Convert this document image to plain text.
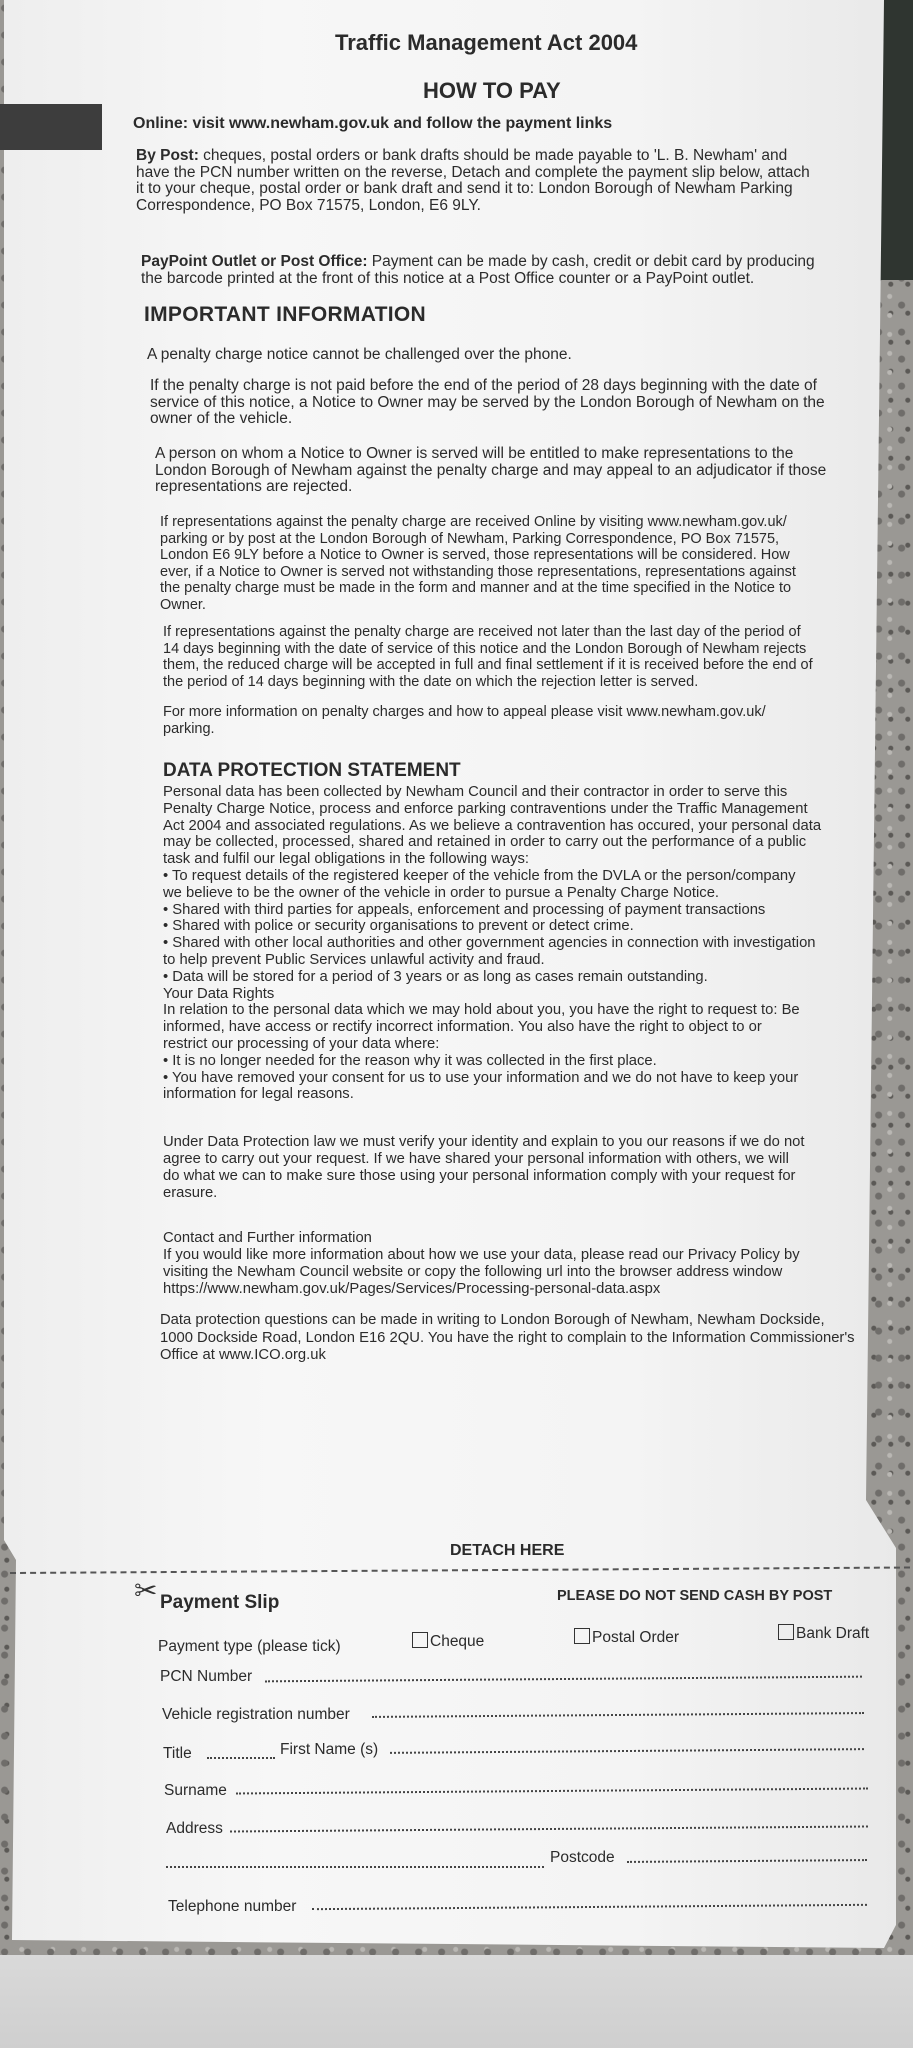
Traffic Management Act 2004
HOW TO PAY
Online: visit www.newham.gov.uk and follow the payment links
By Post: cheques, postal orders or bank drafts should be made payable to 'L. B. Newham' and
have the PCN number written on the reverse, Detach and complete the payment slip below, attach
it to your cheque, postal order or bank draft and send it to: London Borough of Newham Parking
Correspondence, PO Box 71575, London, E6 9LY.
PayPoint Outlet or Post Office: Payment can be made by cash, credit or debit card by producing
the barcode printed at the front of this notice at a Post Office counter or a PayPoint outlet.
IMPORTANT INFORMATION
A penalty charge notice cannot be challenged over the phone.
If the penalty charge is not paid before the end of the period of 28 days beginning with the date of
service of this notice, a Notice to Owner may be served by the London Borough of Newham on the
owner of the vehicle.
A person on whom a Notice to Owner is served will be entitled to make representations to the
London Borough of Newham against the penalty charge and may appeal to an adjudicator if those
representations are rejected.
If representations against the penalty charge are received Online by visiting www.newham.gov.uk/
parking or by post at the London Borough of Newham, Parking Correspondence, PO Box 71575,
London E6 9LY before a Notice to Owner is served, those representations will be considered. How
ever, if a Notice to Owner is served not withstanding those representations, representations against
the penalty charge must be made in the form and manner and at the time specified in the Notice to
Owner.
If representations against the penalty charge are received not later than the last day of the period of
14 days beginning with the date of service of this notice and the London Borough of Newham rejects
them, the reduced charge will be accepted in full and final settlement if it is received before the end of
the period of 14 days beginning with the date on which the rejection letter is served.
For more information on penalty charges and how to appeal please visit www.newham.gov.uk/
parking.
DATA PROTECTION STATEMENT
Personal data has been collected by Newham Council and their contractor in order to serve this
Penalty Charge Notice, process and enforce parking contraventions under the Traffic Management
Act 2004 and associated regulations. As we believe a contravention has occured, your personal data
may be collected, processed, shared and retained in order to carry out the performance of a public
task and fulfil our legal obligations in the following ways:
• To request details of the registered keeper of the vehicle from the DVLA or the person/company
we believe to be the owner of the vehicle in order to pursue a Penalty Charge Notice.
• Shared with third parties for appeals, enforcement and processing of payment transactions
• Shared with police or security organisations to prevent or detect crime.
• Shared with other local authorities and other government agencies in connection with investigation
to help prevent Public Services unlawful activity and fraud.
• Data will be stored for a period of 3 years or as long as cases remain outstanding.
Your Data Rights
In relation to the personal data which we may hold about you, you have the right to request to: Be
informed, have access or rectify incorrect information. You also have the right to object to or
restrict our processing of your data where:
• It is no longer needed for the reason why it was collected in the first place.
• You have removed your consent for us to use your information and we do not have to keep your
information for legal reasons.
Under Data Protection law we must verify your identity and explain to you our reasons if we do not
agree to carry out your request. If we have shared your personal information with others, we will
do what we can to make sure those using your personal information comply with your request for
erasure.
Contact and Further information
If you would like more information about how we use your data, please read our Privacy Policy by
visiting the Newham Council website or copy the following url into the browser address window
https://www.newham.gov.uk/Pages/Services/Processing-personal-data.aspx
Data protection questions can be made in writing to London Borough of Newham, Newham Dockside,
1000 Dockside Road, London E16 2QU. You have the right to complain to the Information Commissioner's
Office at www.ICO.org.uk
DETACH HERE
✂ Payment Slip	PLEASE DO NOT SEND CASH BY POST
Payment type (please tick)	Cheque	Postal Order	Bank Draft
PCN Number
Vehicle registration number
Title	First Name (s)
Surname
Address
Postcode
Telephone number
